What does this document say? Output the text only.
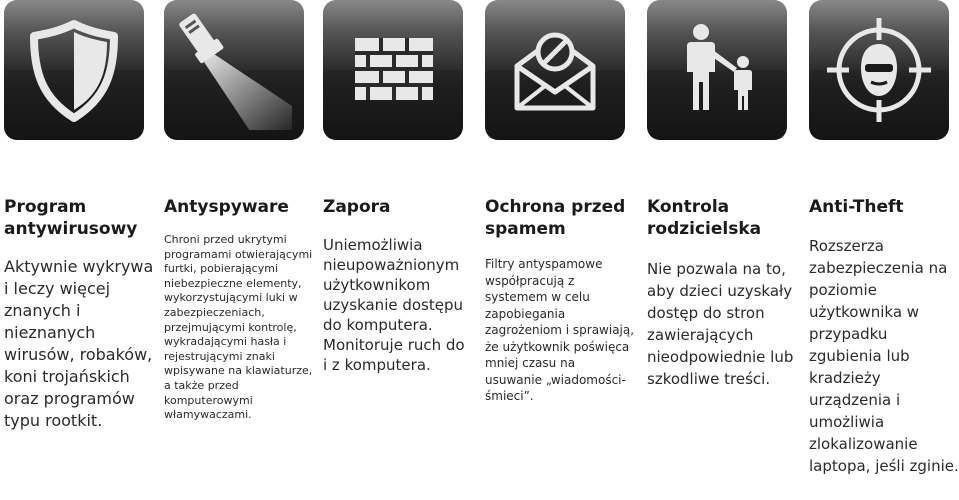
Program antywirusowy

Aktywnie wykrywa i leczy więcej znanych i nieznanych wirusów, robaków, koni trojańskich oraz programów typu rootkit.

Antyspyware

Chroni przed ukrytymi programami otwierającymi furtki, pobierającymi niebezpieczne elementy, wykorzystującymi luki w zabezpieczeniach, przejmującymi kontrolę, wykradającymi hasła i rejestrującymi znaki wpisywane na klawiaturze, a także przed komputerowymi włamywaczami.

Zapora

Uniemożliwia nieupoważnionym użytkownikom uzyskanie dostępu do komputera. Monitoruje ruch do i z komputera.

Ochrona przed spamem

Filtry antyspamowe współpracują z systemem w celu zapobiegania zagrożeniom i sprawiają, że użytkownik poświęca mniej czasu na usuwanie „wiadomości-śmieci”.

Kontrola rodzicielska

Nie pozwala na to, aby dzieci uzyskały dostęp do stron zawierających nieodpowiednie lub szkodliwe treści.

Anti-Theft

Rozszerza zabezpieczenia na poziomie użytkownika w przypadku zgubienia lub kradzieży urządzenia i umożliwia zlokalizowanie laptopa, jeśli zginie.
